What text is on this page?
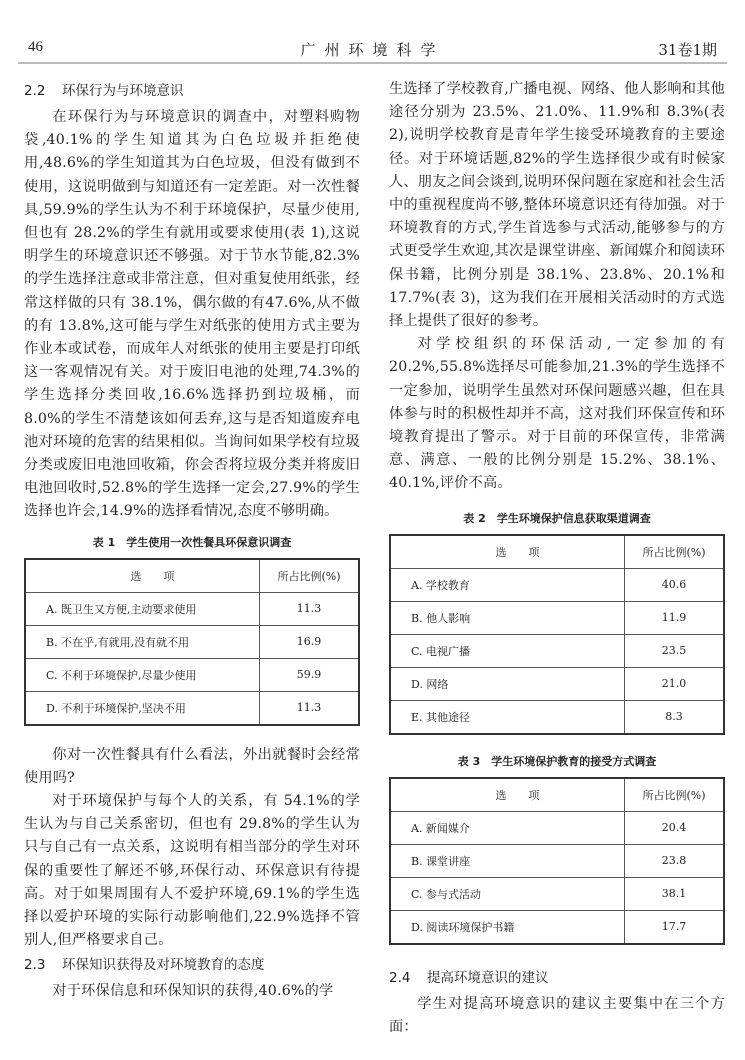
46	广州环境科学	31卷1期
2.2 环保行为与环境意识

在环保行为与环境意识的调查中，对塑料购物袋,40.1%的学生知道其为白色垃圾并拒绝使用,48.6%的学生知道其为白色垃圾，但没有做到不使用，这说明做到与知道还有一定差距。对一次性餐具,59.9%的学生认为不利于环境保护，尽量少使用,但也有 28.2%的学生有就用或要求使用(表 1),这说明学生的环境意识还不够强。对于节水节能,82.3%的学生选择注意或非常注意，但对重复使用纸张，经常这样做的只有 38.1%，偶尔做的有47.6%,从不做的有 13.8%,这可能与学生对纸张的使用方式主要为作业本或试卷，而成年人对纸张的使用主要是打印纸这一客观情况有关。对于废旧电池的处理,74.3%的学生选择分类回收,16.6%选择扔到垃圾桶，而 8.0%的学生不清楚该如何丢弃,这与是否知道废弃电池对环境的危害的结果相似。当询问如果学校有垃圾分类或废旧电池回收箱，你会否将垃圾分类并将废旧电池回收时,52.8%的学生选择一定会,27.9%的学生选择也许会,14.9%的选择看情况,态度不够明确。

表 1　学生使用一次性餐具环保意识调查
选　　项	所占比例(%)
A. 既卫生又方便,主动要求使用	11.3
B. 不在乎,有就用,没有就不用	16.9
C. 不利于环境保护,尽量少使用	59.9
D. 不利于环境保护,坚决不用	11.3

你对一次性餐具有什么看法，外出就餐时会经常使用吗?

对于环境保护与每个人的关系，有 54.1%的学生认为与自己关系密切，但也有 29.8%的学生认为只与自己有一点关系，这说明有相当部分的学生对环保的重要性了解还不够,环保行动、环保意识有待提高。对于如果周围有人不爱护环境,69.1%的学生选择以爱护环境的实际行动影响他们,22.9%选择不管别人,但严格要求自己。

2.3 环保知识获得及对环境教育的态度

对于环保信息和环保知识的获得,40.6%的学

生选择了学校教育,广播电视、网络、他人影响和其他途径分别为 23.5%、21.0%、11.9%和 8.3%(表 2),说明学校教育是青年学生接受环境教育的主要途径。对于环境话题,82%的学生选择很少或有时候家人、朋友之间会谈到,说明环保问题在家庭和社会生活中的重视程度尚不够,整体环境意识还有待加强。对于环境教育的方式,学生首选参与式活动,能够参与的方式更受学生欢迎,其次是课堂讲座、新闻媒介和阅读环保书籍，比例分别是 38.1%、23.8%、20.1%和 17.7%(表 3)，这为我们在开展相关活动时的方式选择上提供了很好的参考。

对学校组织的环保活动,一定参加的有 20.2%,55.8%选择尽可能参加,21.3%的学生选择不一定参加，说明学生虽然对环保问题感兴趣，但在具体参与时的积极性却并不高，这对我们环保宣传和环境教育提出了警示。对于目前的环保宣传，非常满意、满意、一般的比例分别是 15.2%、38.1%、40.1%,评价不高。

表 2　学生环境保护信息获取渠道调查
选　　项	所占比例(%)
A. 学校教育	40.6
B. 他人影响	11.9
C. 电视广播	23.5
D. 网络	21.0
E. 其他途径	8.3
表 3　学生环境保护教育的接受方式调查
选　　项	所占比例(%)
A. 新闻媒介	20.4
B. 课堂讲座	23.8
C. 参与式活动	38.1
D. 阅读环境保护书籍	17.7
2.4 提高环境意识的建议

学生对提高环境意识的建议主要集中在三个方面：
